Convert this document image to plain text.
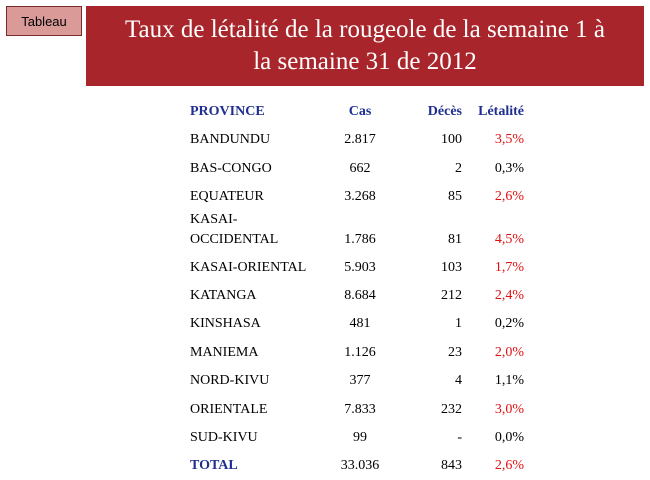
Tableau	Taux de létalité de la rougeole de la semaine 1 à
la semaine 31 de 2012
PROVINCE	Cas	Décès	Létalité
BANDUNDU	2.817	100	3,5%
BAS-CONGO	662	2	0,3%
EQUATEUR	3.268	85	2,6%
KASAI-
OCCIDENTAL	1.786	81	4,5%
KASAI-ORIENTAL	5.903	103	1,7%
KATANGA	8.684	212	2,4%
KINSHASA	481	1	0,2%
MANIEMA	1.126	23	2,0%
NORD-KIVU	377	4	1,1%
ORIENTALE	7.833	232	3,0%
SUD-KIVU	99	-	0,0%
TOTAL	33.036	843	2,6%
